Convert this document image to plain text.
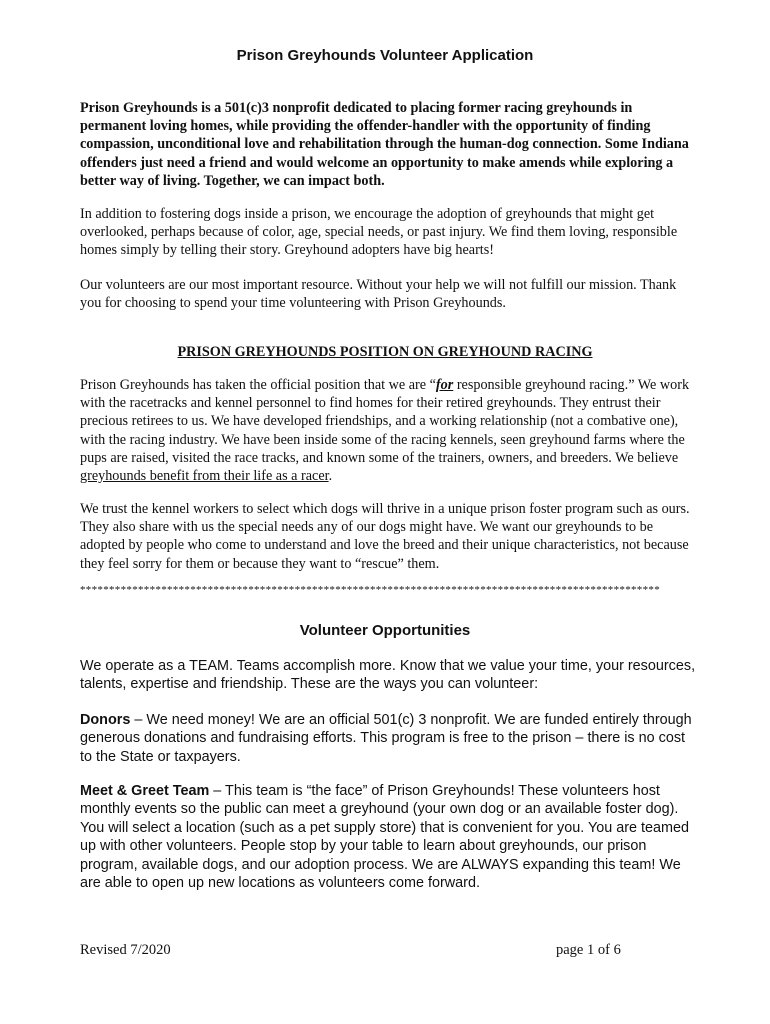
Prison Greyhounds Volunteer Application

Prison Greyhounds is a 501(c)3 nonprofit dedicated to placing former racing greyhounds in permanent loving homes, while providing the offender-handler with the opportunity of finding compassion, unconditional love and rehabilitation through the human-dog connection. Some Indiana offenders just need a friend and would welcome an opportunity to make amends while exploring a better way of living. Together, we can impact both.

In addition to fostering dogs inside a prison, we encourage the adoption of greyhounds that might get overlooked, perhaps because of color, age, special needs, or past injury. We find them loving, responsible homes simply by telling their story. Greyhound adopters have big hearts!

Our volunteers are our most important resource. Without your help we will not fulfill our mission. Thank you for choosing to spend your time volunteering with Prison Greyhounds.

PRISON GREYHOUNDS POSITION ON GREYHOUND RACING

Prison Greyhounds has taken the official position that we are “for responsible greyhound racing.” We work with the racetracks and kennel personnel to find homes for their retired greyhounds. They entrust their precious retirees to us. We have developed friendships, and a working relationship (not a combative one), with the racing industry. We have been inside some of the racing kennels, seen greyhound farms where the pups are raised, visited the race tracks, and known some of the trainers, owners, and breeders. We believe greyhounds benefit from their life as a racer.

We trust the kennel workers to select which dogs will thrive in a unique prison foster program such as ours. They also share with us the special needs any of our dogs might have. We want our greyhounds to be adopted by people who come to understand and love the breed and their unique characteristics, not because they feel sorry for them or because they want to “rescue” them.

****************************************************************************************************
Volunteer Opportunities

We operate as a TEAM. Teams accomplish more. Know that we value your time, your resources, talents, expertise and friendship. These are the ways you can volunteer:

Donors – We need money! We are an official 501(c) 3 nonprofit. We are funded entirely through generous donations and fundraising efforts. This program is free to the prison – there is no cost to the State or taxpayers.

Meet & Greet Team – This team is “the face” of Prison Greyhounds! These volunteers host monthly events so the public can meet a greyhound (your own dog or an available foster dog). You will select a location (such as a pet supply store) that is convenient for you. You are teamed up with other volunteers. People stop by your table to learn about greyhounds, our prison program, available dogs, and our adoption process. We are ALWAYS expanding this team! We are able to open up new locations as volunteers come forward.

Revised 7/2020	page 1 of 6
